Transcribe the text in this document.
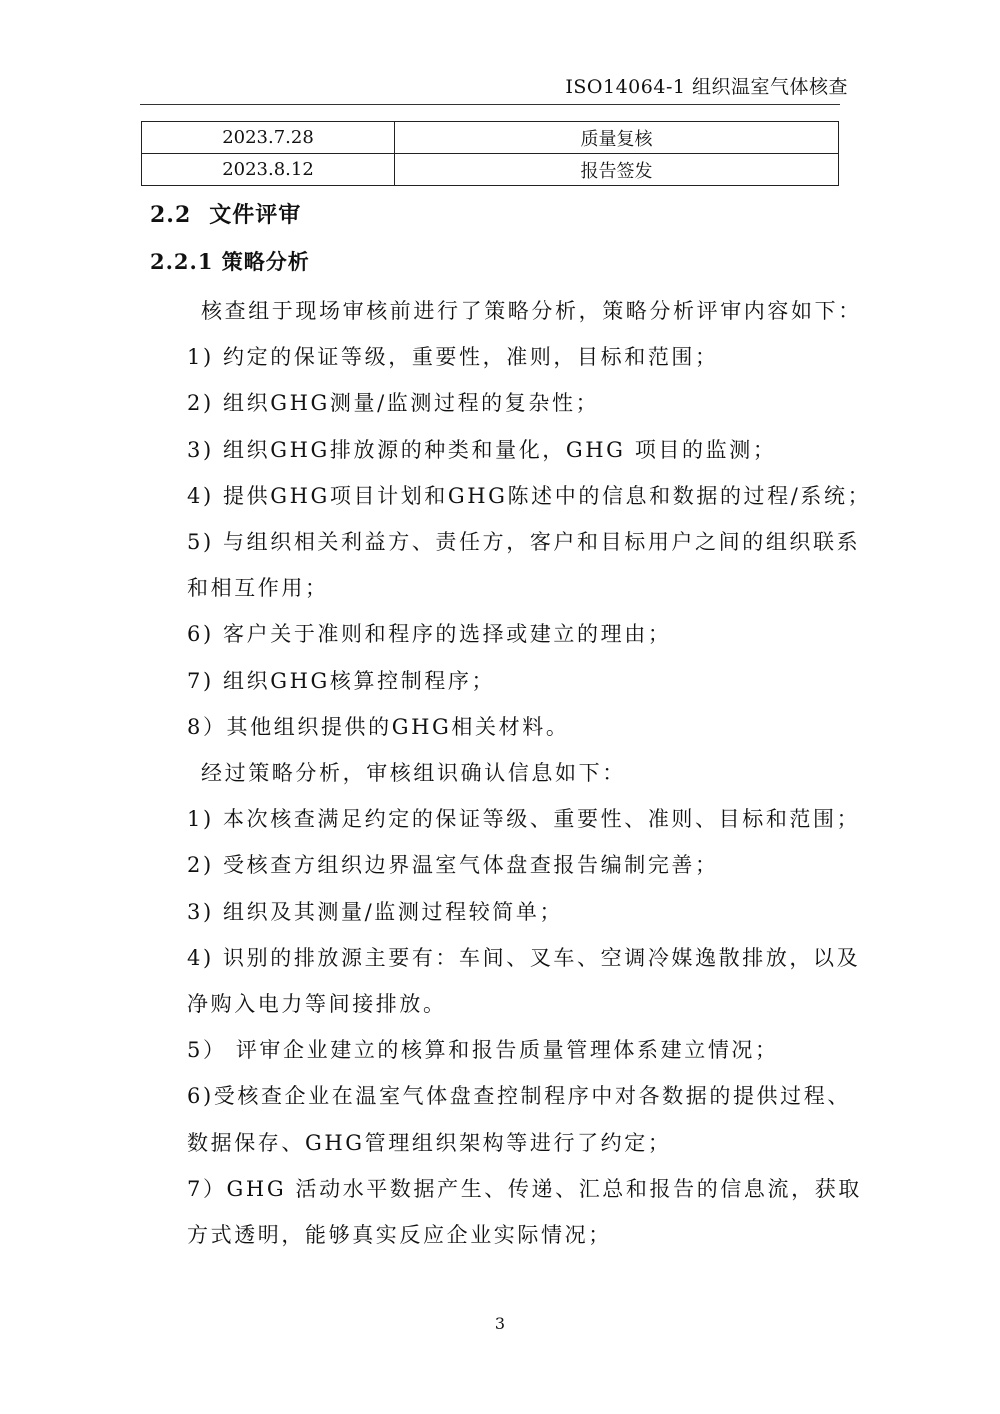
ISO14064-1 组织温室气体核查
2023.7.28	质量复核
2023.8.12	报告签发
2.2 文件评审
2.2.1 策略分析

核查组于现场审核前进行了策略分析，策略分析评审内容如下：

1) 约定的保证等级，重要性，准则，目标和范围；

2) 组织GHG测量/监测过程的复杂性；

3) 组织GHG排放源的种类和量化，GHG 项目的监测；

4) 提供GHG项目计划和GHG陈述中的信息和数据的过程/系统；

5) 与组织相关利益方、责任方，客户和目标用户之间的组织联系

和相互作用；

6) 客户关于准则和程序的选择或建立的理由；

7) 组织GHG核算控制程序；

8）其他组织提供的GHG相关材料。

经过策略分析，审核组识确认信息如下：

1) 本次核查满足约定的保证等级、重要性、准则、目标和范围；

2) 受核查方组织边界温室气体盘查报告编制完善；

3) 组织及其测量/监测过程较简单；

4) 识别的排放源主要有：车间、叉车、空调冷媒逸散排放，以及

净购入电力等间接排放。

5） 评审企业建立的核算和报告质量管理体系建立情况；

6)受核查企业在温室气体盘查控制程序中对各数据的提供过程、

数据保存、GHG管理组织架构等进行了约定；

7）GHG 活动水平数据产生、传递、汇总和报告的信息流，获取

方式透明，能够真实反应企业实际情况；

3
